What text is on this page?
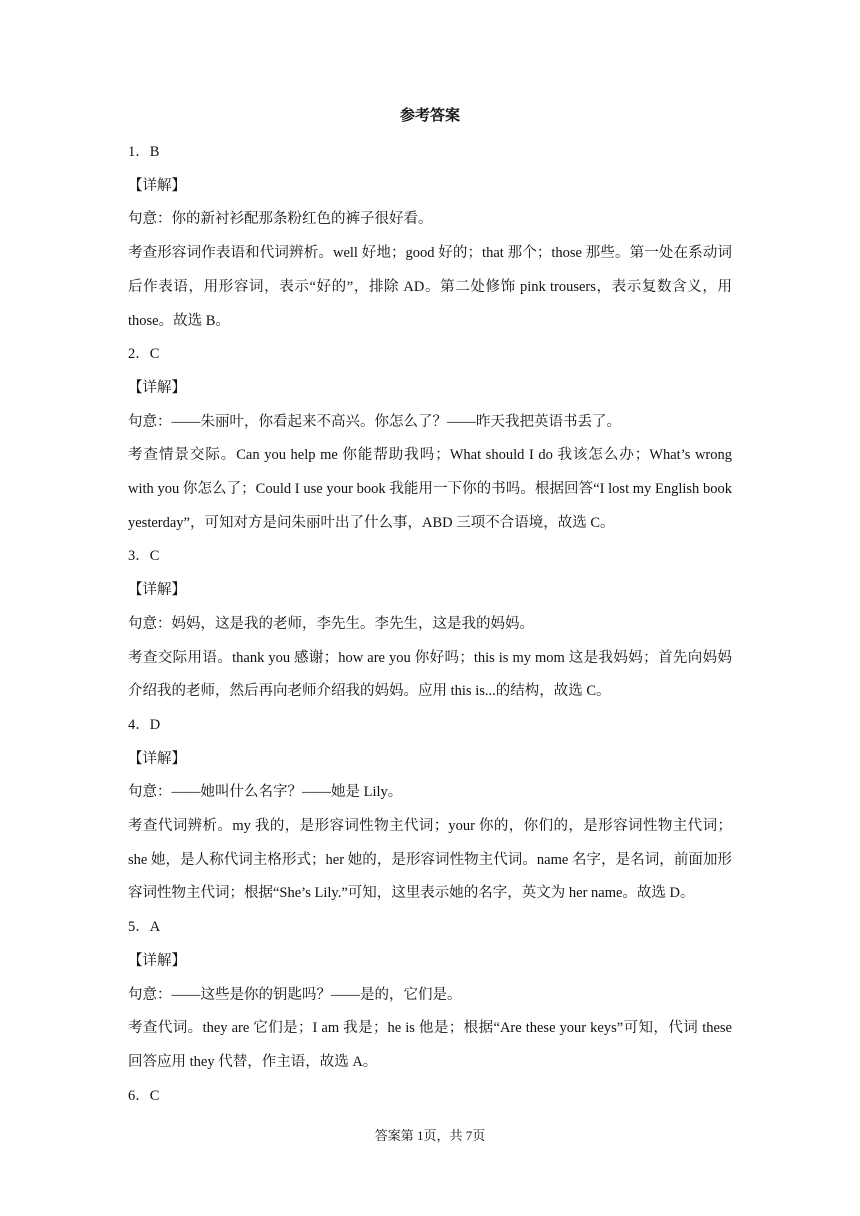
参考答案

1．B

【详解】

句意：你的新衬衫配那条粉红色的裤子很好看。

考查形容词作表语和代词辨析。well 好地；good 好的；that 那个；those 那些。第一处在系动词后作表语，用形容词，表示“好的”，排除 AD。第二处修饰 pink trousers，表示复数含义，用 those。故选 B。

2．C

【详解】

句意：——朱丽叶，你看起来不高兴。你怎么了？——昨天我把英语书丢了。

考查情景交际。Can you help me 你能帮助我吗；What should I do 我该怎么办；What’s wrong with you 你怎么了；Could I use your book 我能用一下你的书吗。根据回答“I lost my English book yesterday”，可知对方是问朱丽叶出了什么事，ABD 三项不合语境，故选 C。

3．C

【详解】

句意：妈妈，这是我的老师，李先生。李先生，这是我的妈妈。

考查交际用语。thank you 感谢；how are you 你好吗；this is my mom 这是我妈妈；首先向妈妈介绍我的老师，然后再向老师介绍我的妈妈。应用 this is...的结构，故选 C。

4．D

【详解】

句意：——她叫什么名字？——她是 Lily。

考查代词辨析。my 我的，是形容词性物主代词；your 你的，你们的，是形容词性物主代词；she 她，是人称代词主格形式；her 她的，是形容词性物主代词。name 名字，是名词，前面加形容词性物主代词；根据“She’s Lily.”可知，这里表示她的名字，英文为 her name。故选 D。

5．A

【详解】

句意：——这些是你的钥匙吗？——是的，它们是。

考查代词。they are 它们是；I am 我是；he is 他是；根据“Are these your keys”可知，代词 these 回答应用 they 代替，作主语，故选 A。

6．C

答案第 1页，共 7页
